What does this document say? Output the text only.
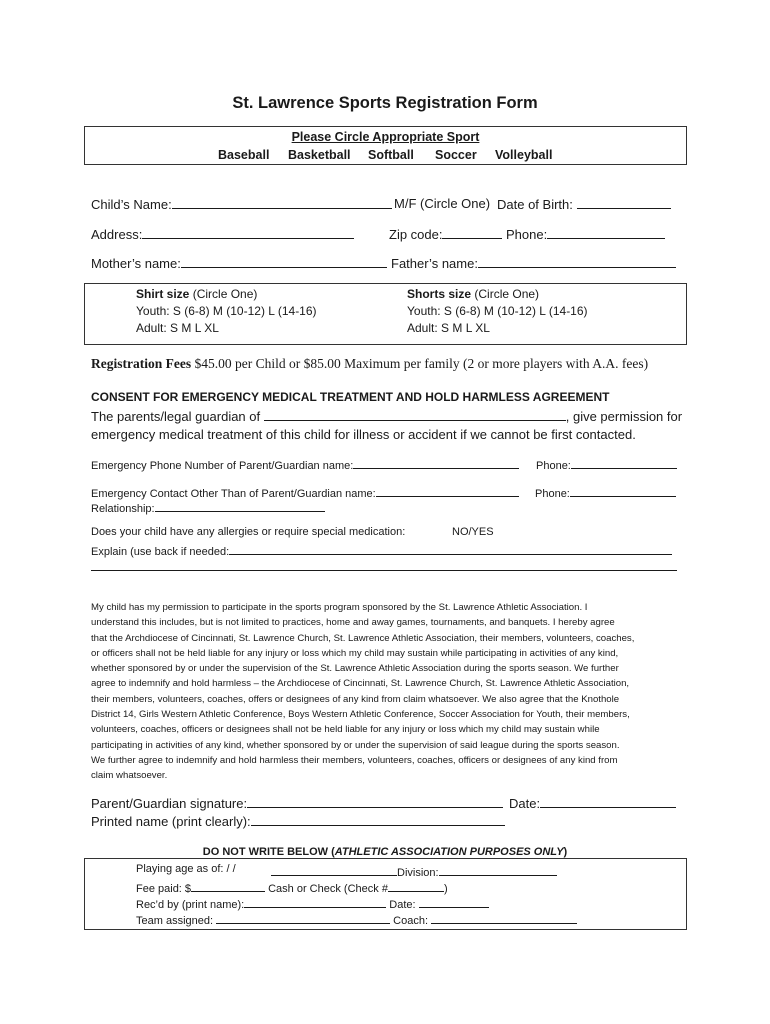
St. Lawrence Sports Registration Form
Please Circle Appropriate Sport
Baseball Basketball Softball Soccer Volleyball
Child’s Name:	M/F (Circle One) Date of Birth:
Address:	Zip code:	Phone:
Mother’s name:	Father’s name:
Shirt size (Circle One)
Youth: S (6-8) M (10-12) L (14-16)
Adult: S M L XL
Shorts size (Circle One)
Youth: S (6-8) M (10-12) L (14-16)
Adult: S M L XL
Registration Fees $45.00 per Child or $85.00 Maximum per family (2 or more players with A.A. fees)
CONSENT FOR EMERGENCY MEDICAL TREATMENT AND HOLD HARMLESS AGREEMENT
The parents/legal guardian of	, give permission for
emergency medical treatment of this child for illness or accident if we cannot be first contacted.
Emergency Phone Number of Parent/Guardian name:	Phone:
Emergency Contact Other Than of Parent/Guardian name:	Phone:
Relationship:
Does your child have any allergies or require special medication:	NO/YES
Explain (use back if needed:
My child has my permission to participate in the sports program sponsored by the St. Lawrence Athletic Association. I
understand this includes, but is not limited to practices, home and away games, tournaments, and banquets. I hereby agree
that the Archdiocese of Cincinnati, St. Lawrence Church, St. Lawrence Athletic Association, their members, volunteers, coaches,
or officers shall not be held liable for any injury or loss which my child may sustain while participating in activities of any kind,
whether sponsored by or under the supervision of the St. Lawrence Athletic Association during the sports season. We further
agree to indemnify and hold harmless – the Archdiocese of Cincinnati, St. Lawrence Church, St. Lawrence Athletic Association,
their members, volunteers, coaches, offers or designees of any kind from claim whatsoever. We also agree that the Knothole
District 14, Girls Western Athletic Conference, Boys Western Athletic Conference, Soccer Association for Youth, their members,
volunteers, coaches, officers or designees shall not be held liable for any injury or loss which my child may sustain while
participating in activities of any kind, whether sponsored by or under the supervision of said league during the sports season.
We further agree to indemnify and hold harmless their members, volunteers, coaches, officers or designees of any kind from
claim whatsoever.
Parent/Guardian signature:	Date:
Printed name (print clearly):
DO NOT WRITE BELOW (ATHLETIC ASSOCIATION PURPOSES ONLY)
Playing age as of: / /	Division:
Fee paid: $	Cash or Check (Check #	)
Rec’d by (print name):	Date:
Team assigned:	Coach:
